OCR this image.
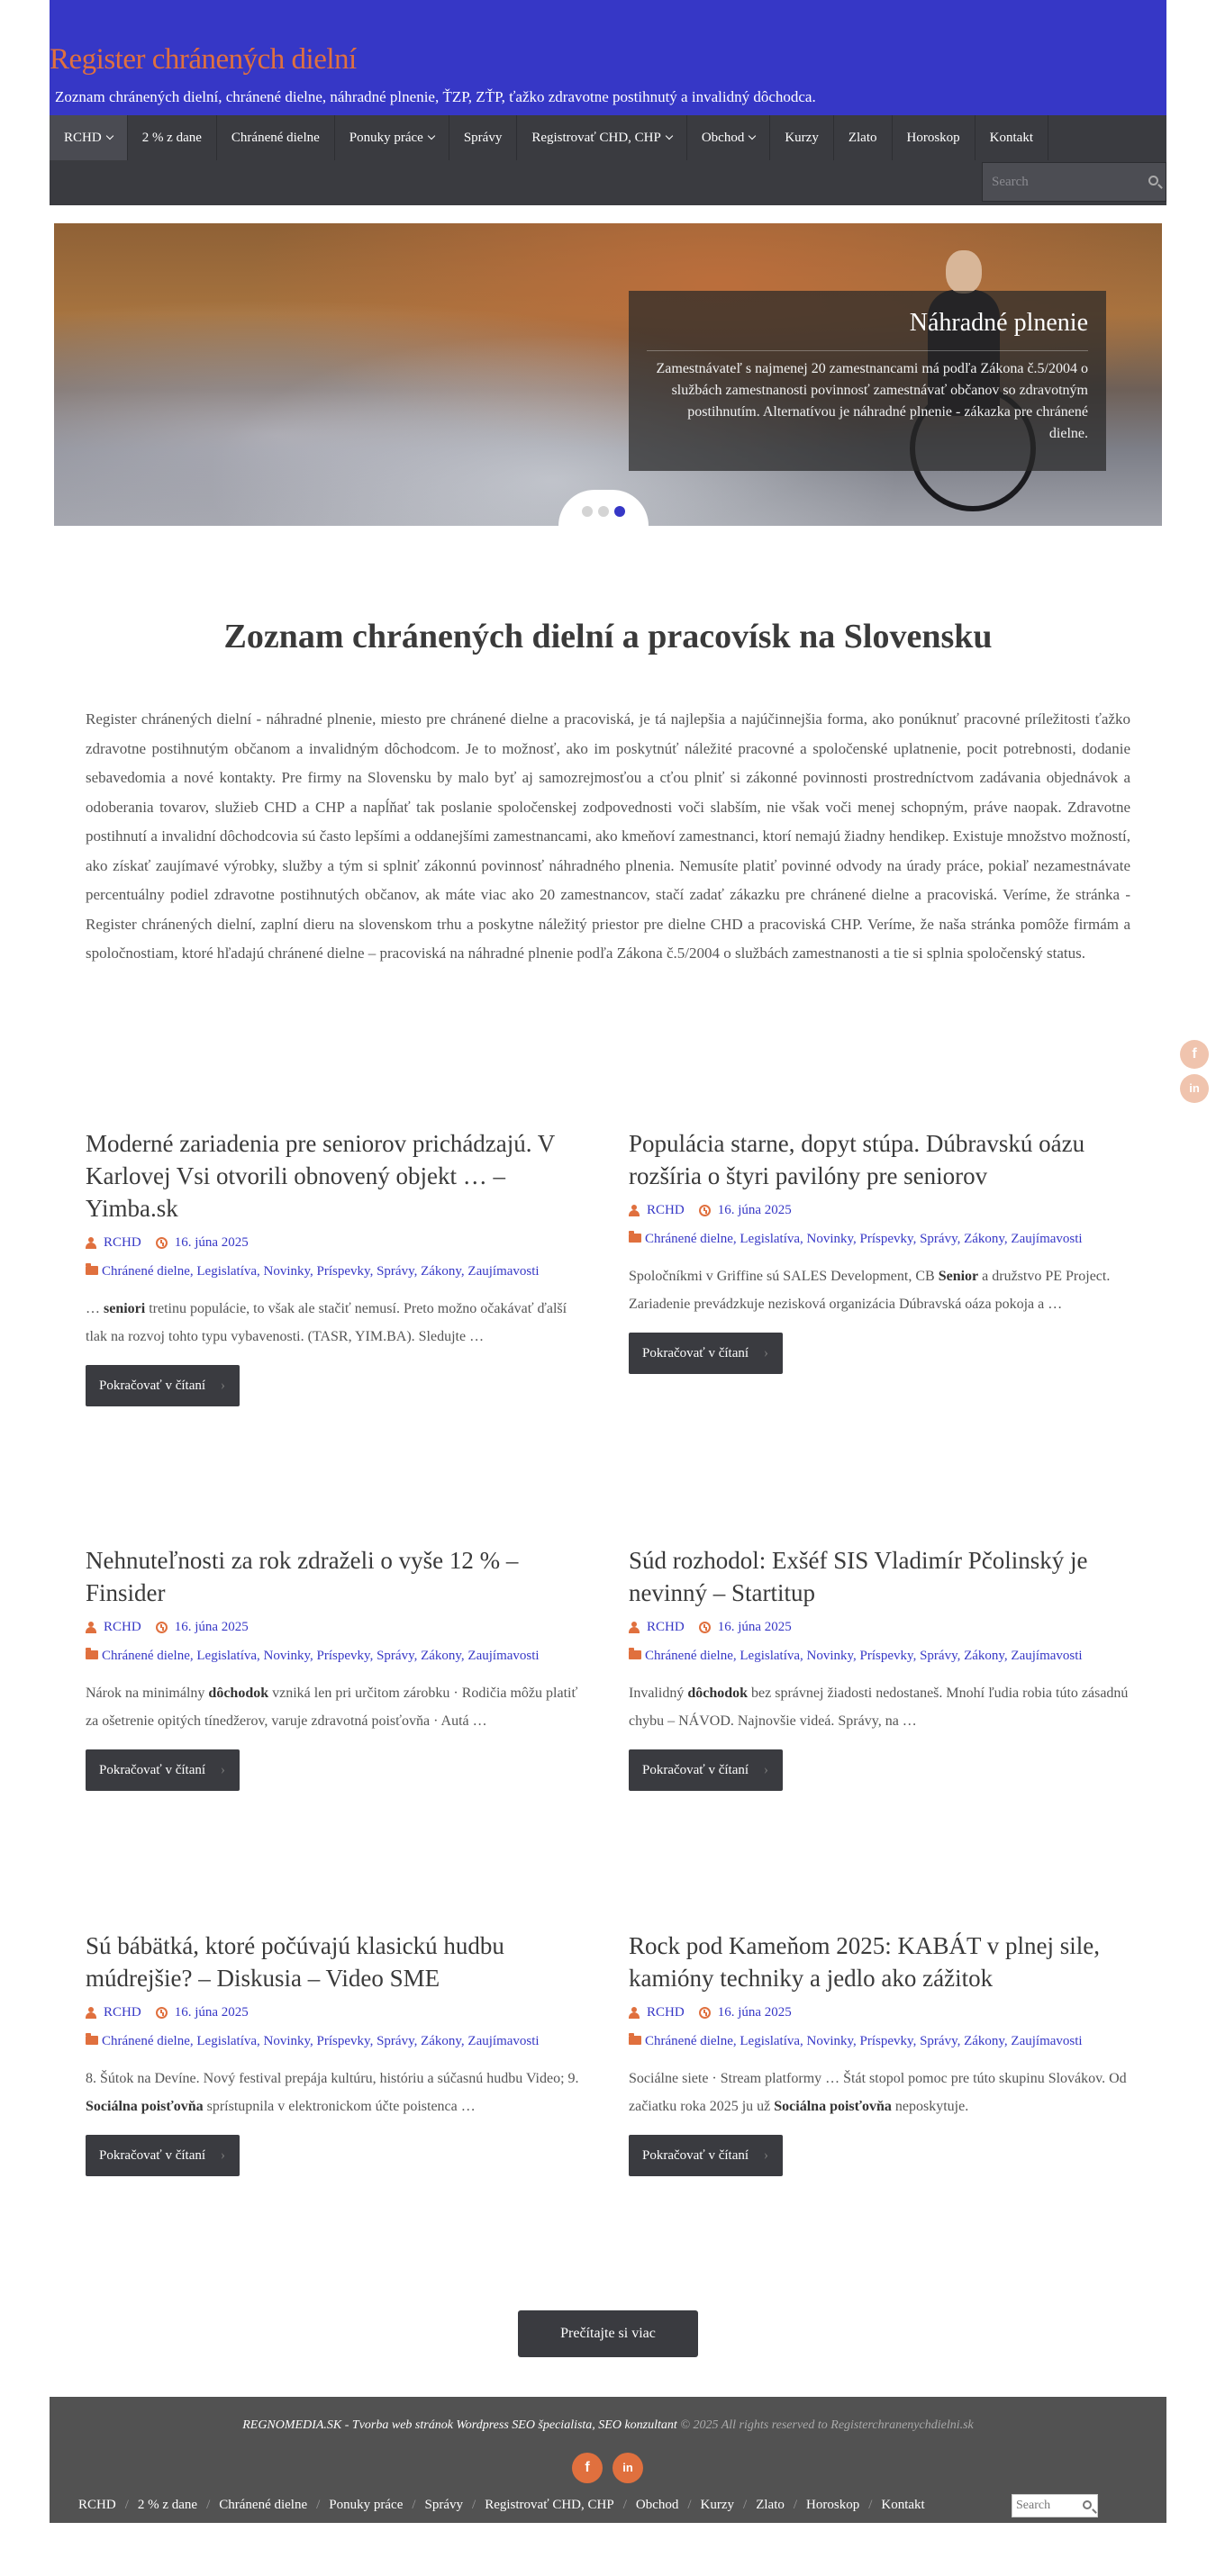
Register chránených dielní
Zoznam chránených dielní, chránené dielne, náhradné plnenie, ŤZP, ZŤP, ťažko zdravotne postihnutý a invalidný dôchodca.
RCHD	2 % z dane	Chránené dielne	Ponuky práce	Správy	Registrovať CHD, CHP	Obchod	Kurzy	Zlato	Horoskop	Kontakt
Search
Náhradné plnenie
Zamestnávateľ s najmenej 20 zamestnancami má podľa Zákona č.5/2004 o službách zamestnanosti povinnosť zamestnávať občanov so zdravotným postihnutím. Alternatívou je náhradné plnenie - zákazka pre chránené dielne.
Zoznam chránených dielní a pracovísk na Slovensku

Register chránených dielní - náhradné plnenie, miesto pre chránené dielne a pracoviská, je tá najlepšia a najúčinnejšia forma, ako ponúknuť pracovné príležitosti ťažko zdravotne postihnutým občanom a invalidným dôchodcom. Je to možnosť, ako im poskytnúť náležité pracovné a spoločenské uplatnenie, pocit potrebnosti, dodanie sebavedomia a nové kontakty. Pre firmy na Slovensku by malo byť aj samozrejmosťou a cťou plniť si zákonné povinnosti prostredníctvom zadávania objednávok a odoberania tovarov, služieb CHD a CHP a napĺňať tak poslanie spoločenskej zodpovednosti voči slabším, nie však voči menej schopným, práve naopak. Zdravotne postihnutí a invalidní dôchodcovia sú často lepšími a oddanejšími zamestnancami, ako kmeňoví zamestnanci, ktorí nemajú žiadny hendikep. Existuje množstvo možností, ako získať zaujímavé výrobky, služby a tým si splniť zákonnú povinnosť náhradného plnenia. Nemusíte platiť povinné odvody na úrady práce, pokiaľ nezamestnávate percentuálny podiel zdravotne postihnutých občanov, ak máte viac ako 20 zamestnancov, stačí zadať zákazku pre chránené dielne a pracoviská. Veríme, že stránka - Register chránených dielní, zaplní dieru na slovenskom trhu a poskytne náležitý priestor pre dielne CHD a pracoviská CHP. Veríme, že naša stránka pomôže firmám a spoločnostiam, ktoré hľadajú chránené dielne – pracoviská na náhradné plnenie podľa Zákona č.5/2004 o službách zamestnanosti a tie si splnia spoločenský status.

Moderné zariadenia pre seniorov prichádzajú. V Karlovej Vsi otvorili obnovený objekt … – Yimba.sk
RCHD 16. júna 2025
Chránené dielne, Legislatíva, Novinky, Príspevky, Správy, Zákony, Zaujímavosti

… seniori tretinu populácie, to však ale stačiť nemusí. Preto možno očakávať ďalší tlak na rozvoj tohto typu vybavenosti. (TASR, YIM.BA). Sledujte …

Pokračovať v čítaní ›
Populácia starne, dopyt stúpa. Dúbravskú oázu rozšíria o štyri pavilóny pre seniorov
RCHD 16. júna 2025
Chránené dielne, Legislatíva, Novinky, Príspevky, Správy, Zákony, Zaujímavosti

Spoločníkmi v Griffine sú SALES Development, CB Senior a družstvo PE Project. Zariadenie prevádzkuje nezisková organizácia Dúbravská oáza pokoja a …

Pokračovať v čítaní ›
Nehnuteľnosti za rok zdraželi o vyše 12 % – Finsider
RCHD 16. júna 2025
Chránené dielne, Legislatíva, Novinky, Príspevky, Správy, Zákony, Zaujímavosti

Nárok na minimálny dôchodok vzniká len pri určitom zárobku · Rodičia môžu platiť za ošetrenie opitých tínedžerov, varuje zdravotná poisťovňa · Autá …

Pokračovať v čítaní ›
Súd rozhodol: Exšéf SIS Vladimír Pčolinský je nevinný – Startitup
RCHD 16. júna 2025
Chránené dielne, Legislatíva, Novinky, Príspevky, Správy, Zákony, Zaujímavosti

Invalidný dôchodok bez správnej žiadosti nedostaneš. Mnohí ľudia robia túto zásadnú chybu – NÁVOD. Najnovšie videá. Správy, na …

Pokračovať v čítaní ›
Sú bábätká, ktoré počúvajú klasickú hudbu múdrejšie? – Diskusia – Video SME
RCHD 16. júna 2025
Chránené dielne, Legislatíva, Novinky, Príspevky, Správy, Zákony, Zaujímavosti

8. Šútok na Devíne. Nový festival prepája kultúru, históriu a súčasnú hudbu Video; 9. Sociálna poisťovňa sprístupnila v elektronickom účte poistenca …

Pokračovať v čítaní ›
Rock pod Kameňom 2025: KABÁT v plnej sile, kamióny techniky a jedlo ako zážitok
RCHD 16. júna 2025
Chránené dielne, Legislatíva, Novinky, Príspevky, Správy, Zákony, Zaujímavosti

Sociálne siete · Stream platformy … Štát stopol pomoc pre túto skupinu Slovákov. Od začiatku roka 2025 ju už Sociálna poisťovňa neposkytuje.

Pokračovať v čítaní ›
Prečítajte si viac
f
in
REGNOMEDIA.SK - Tvorba web stránok Wordpress SEO špecialista, SEO konzultant © 2025 All rights reserved to Registerchranenychdielni.sk
f	in
RCHD / 2 % z dane / Chránené dielne / Ponuky práce / Správy / Registrovať CHD, CHP / Obchod / Kurzy / Zlato / Horoskop / Kontakt
Search
